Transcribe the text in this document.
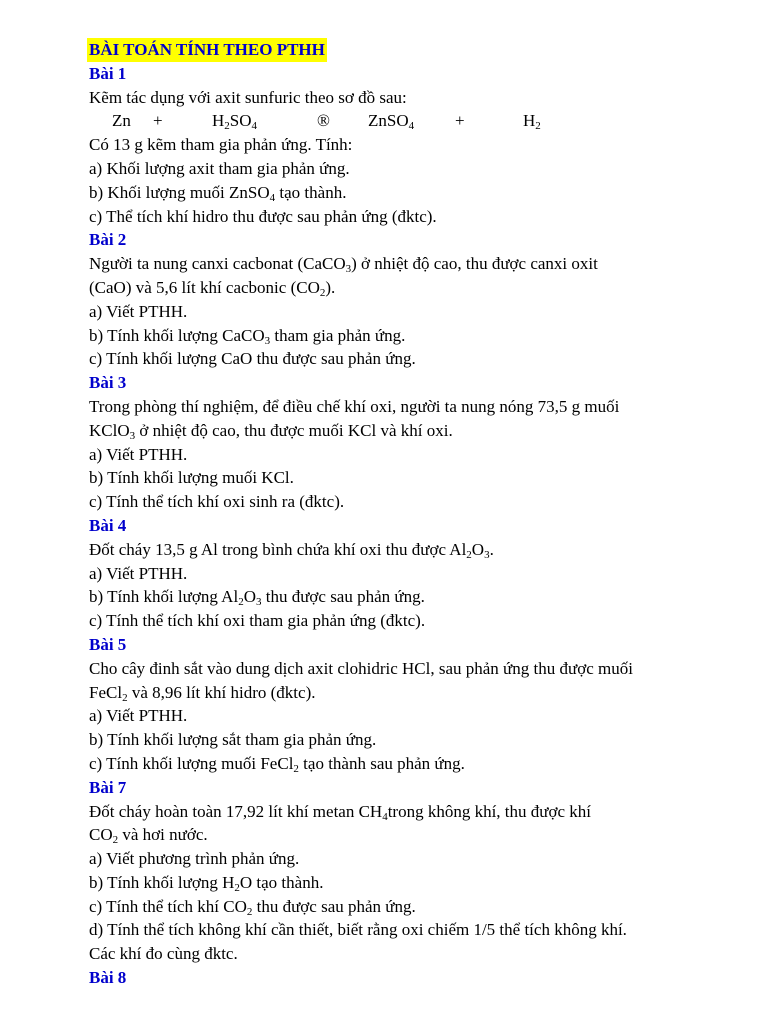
BÀI TOÁN TÍNH THEO PTHH
Bài 1
Kẽm tác dụng với axit sunfuric theo sơ đồ sau:
Zn +	$H_2SO_4$	® ZnSO$_4$ +	$H_2$
Có 13 g kẽm tham gia phản ứng. Tính:
a) Khối lượng axit tham gia phản ứng.
b) Khối lượng muối ZnSO$_4$ tạo thành.
c) Thể tích khí hidro thu được sau phản ứng (đktc).
Bài 2
Người ta nung canxi cacbonat (CaCO$_3$) ở nhiệt độ cao, thu được canxi oxit
(CaO) và 5,6 lít khí cacbonic $(CO_2)$.
a) Viết PTHH.
b) Tính khối lượng CaCO$_3$ tham gia phản ứng.
c) Tính khối lượng CaO thu được sau phản ứng.
Bài 3
Trong phòng thí nghiệm, để điều chế khí oxi, người ta nung nóng 73,5 g muối
KClO$_3$ ở nhiệt độ cao, thu được muối KCl và khí oxi.
a) Viết PTHH.
b) Tính khối lượng muối KCl.
c) Tính thể tích khí oxi sinh ra (đktc).
Bài 4
Đốt cháy 13,5 g Al trong bình chứa khí oxi thu được $Al_2O_3$.
a) Viết PTHH.
b) Tính khối lượng $Al_2O_3$ thu được sau phản ứng.
c) Tính thể tích khí oxi tham gia phản ứng (đktc).
Bài 5
Cho cây đinh sắt vào dung dịch axit clohidric HCl, sau phản ứng thu được muối
FeCl$_2$ và 8,96 lít khí hidro (đktc).
a) Viết PTHH.
b) Tính khối lượng sắt tham gia phản ứng.
c) Tính khối lượng muối FeCl$_2$ tạo thành sau phản ứng.
Bài 7
Đốt cháy hoàn toàn 17,92 lít khí metan $CH_4trong$ không khí, thu được khí
$CO_2$ và hơi nước.
a) Viết phương trình phản ứng.
b) Tính khối lượng $H_2O$ tạo thành.
c) Tính thể tích khí $CO_2$ thu được sau phản ứng.
d) Tính thể tích không khí cần thiết, biết rằng oxi chiếm 1/5 thể tích không khí.
Các khí đo cùng đktc.
Bài 8
